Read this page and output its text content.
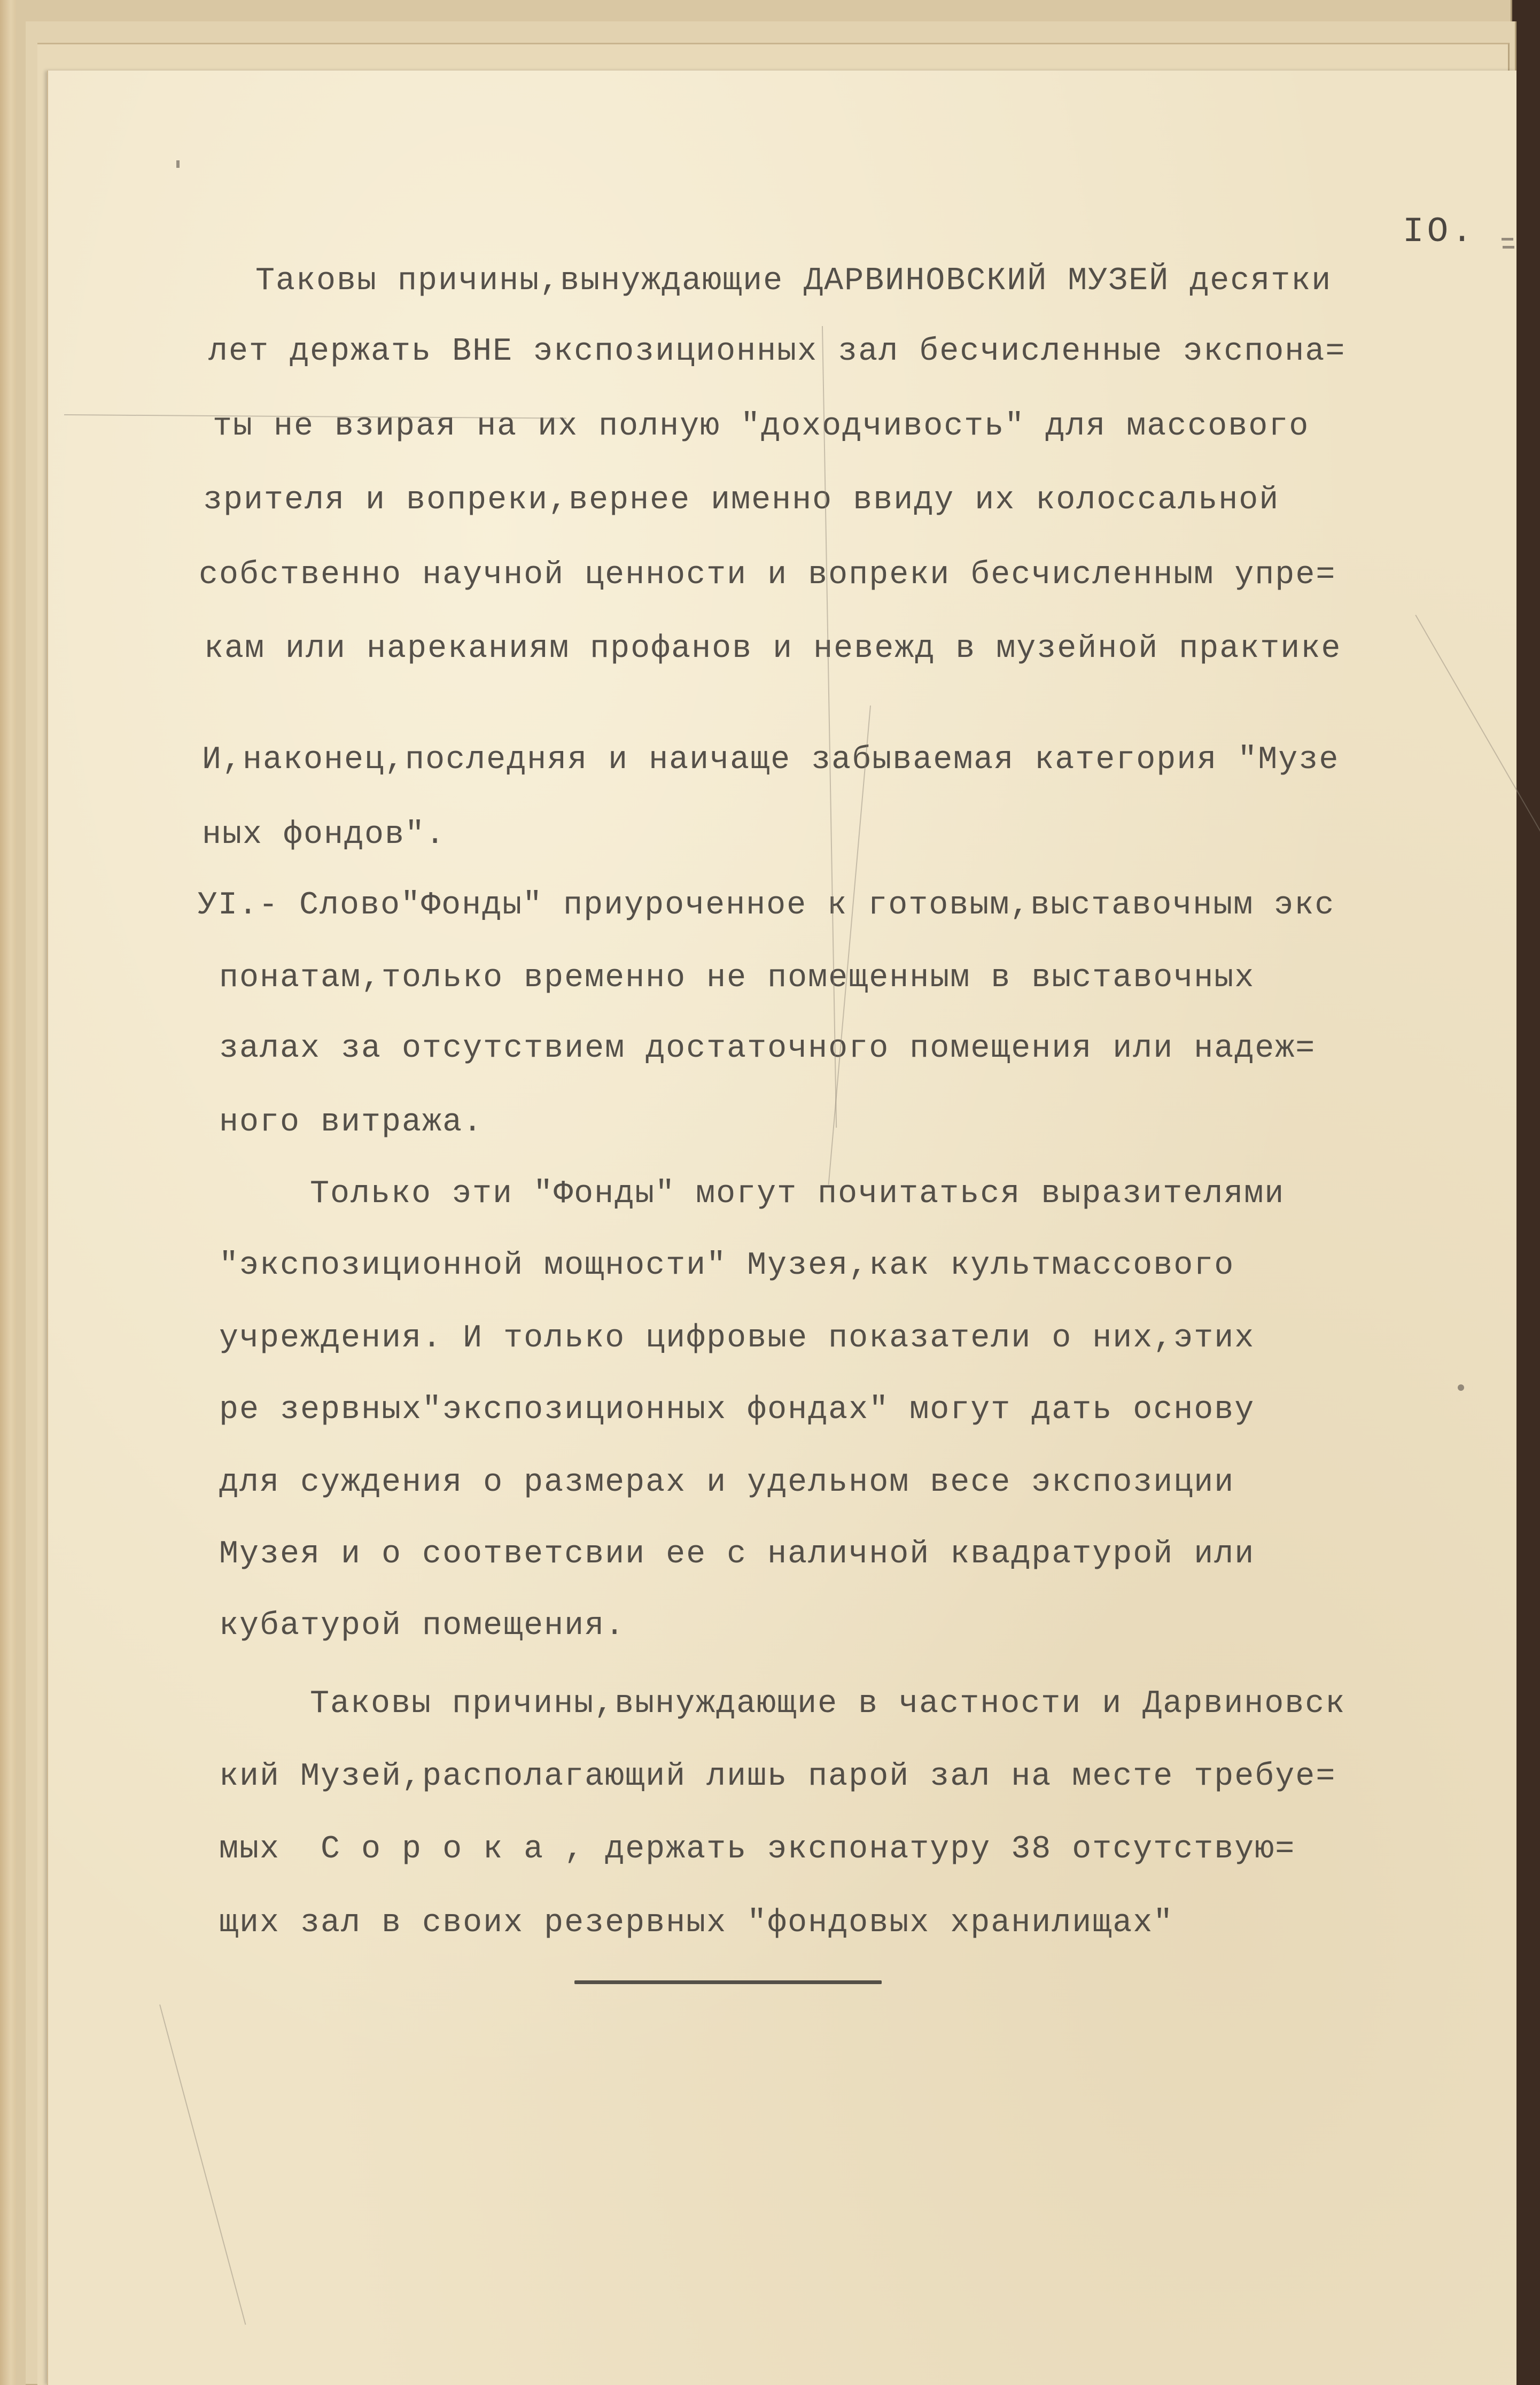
IO.

Таковы причины,вынуждающие ДАРВИНОВСКИЙ МУЗЕЙ десятки

лет держать ВНЕ экспозиционных зал бесчисленные экспона=

ты не взирая на их полную "доходчивость" для массового

зрителя и вопреки,вернее именно ввиду их колоссальной

собственно научной ценности и вопреки бесчисленным упре=

кам или нареканиям профанов и невежд в музейной практике

И,наконец,последняя и наичаще забываемая категория "Музе

ных фондов".

УI.- Слово"Фонды" приуроченное к готовым,выставочным экс

понатам,только временно не помещенным в выставочных

залах за отсутствием достаточного помещения или надеж=

ного витража.

Только эти "Фонды" могут почитаться выразителями

"экспозиционной мощности" Музея,как культмассового

учреждения. И только цифровые показатели о них,этих

ре зервных"экспозиционных фондах" могут дать основу

для суждения о размерах и удельном весе экспозиции

Музея и о соответсвии ее с наличной квадратурой или

кубатурой помещения.

Таковы причины,вынуждающие в частности и Дарвиновск

кий Музей,располагающий лишь парой зал на месте требуе=

мых  С о р о к а , держать экспонатуру 38 отсутствую=

щих зал в своих резервных "фондовых хранилищах"
